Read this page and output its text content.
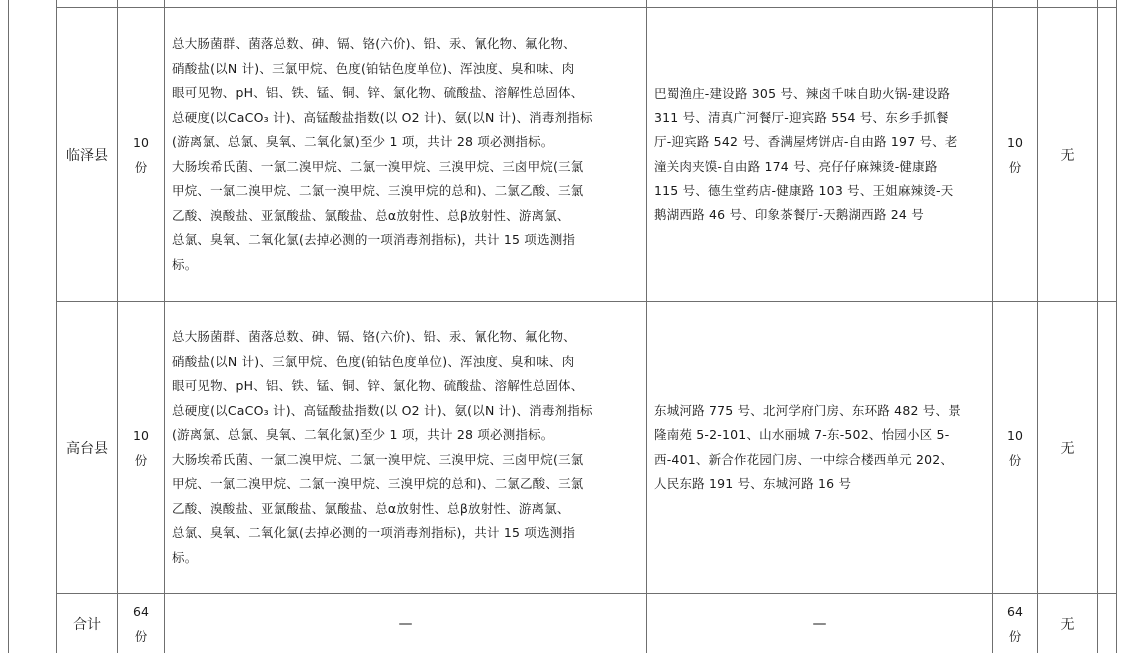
临泽县
10
份
总大肠菌群、菌落总数、砷、镉、铬(六价)、铅、汞、氰化物、氟化物、
硝酸盐(以N 计)、三氯甲烷、色度(铂钴色度单位)、浑浊度、臭和味、肉
眼可见物、pH、铝、铁、锰、铜、锌、氯化物、硫酸盐、溶解性总固体、
总硬度(以CaCO₃ 计)、高锰酸盐指数(以 O2 计)、氨(以N 计)、消毒剂指标
(游离氯、总氯、臭氧、二氧化氯)至少 1 项，共计 28 项必测指标。
大肠埃希氏菌、一氯二溴甲烷、二氯一溴甲烷、三溴甲烷、三卤甲烷(三氯
甲烷、一氯二溴甲烷、二氯一溴甲烷、三溴甲烷的总和)、二氯乙酸、三氯
乙酸、溴酸盐、亚氯酸盐、氯酸盐、总α放射性、总β放射性、游离氯、
总氯、臭氧、二氧化氯(去掉必测的一项消毒剂指标)，共计 15 项选测指
标。
巴蜀渔庄-建设路 305 号、辣卤千味自助火锅-建设路
311 号、清真广河餐厅-迎宾路 554 号、东乡手抓餐
厅-迎宾路 542 号、香满屋烤饼店-自由路 197 号、老
潼关肉夹馍-自由路 174 号、亮仔仔麻辣烫-健康路
115 号、德生堂药店-健康路 103 号、王姐麻辣烫-天
鹅湖西路 46 号、印象茶餐厅-天鹅湖西路 24 号
10
份
无
高台县
10
份
总大肠菌群、菌落总数、砷、镉、铬(六价)、铅、汞、氰化物、氟化物、
硝酸盐(以N 计)、三氯甲烷、色度(铂钴色度单位)、浑浊度、臭和味、肉
眼可见物、pH、铝、铁、锰、铜、锌、氯化物、硫酸盐、溶解性总固体、
总硬度(以CaCO₃ 计)、高锰酸盐指数(以 O2 计)、氨(以N 计)、消毒剂指标
(游离氯、总氯、臭氧、二氧化氯)至少 1 项，共计 28 项必测指标。
大肠埃希氏菌、一氯二溴甲烷、二氯一溴甲烷、三溴甲烷、三卤甲烷(三氯
甲烷、一氯二溴甲烷、二氯一溴甲烷、三溴甲烷的总和)、二氯乙酸、三氯
乙酸、溴酸盐、亚氯酸盐、氯酸盐、总α放射性、总β放射性、游离氯、
总氯、臭氧、二氧化氯(去掉必测的一项消毒剂指标)，共计 15 项选测指
标。
东城河路 775 号、北河学府门房、东环路 482 号、景
隆南苑 5-2-101、山水丽城 7-东-502、怡园小区 5-
西-401、新合作花园门房、一中综合楼西单元 202、
人民东路 191 号、东城河路 16 号
10
份
无
合计
64
份
—	—
64
份
无
